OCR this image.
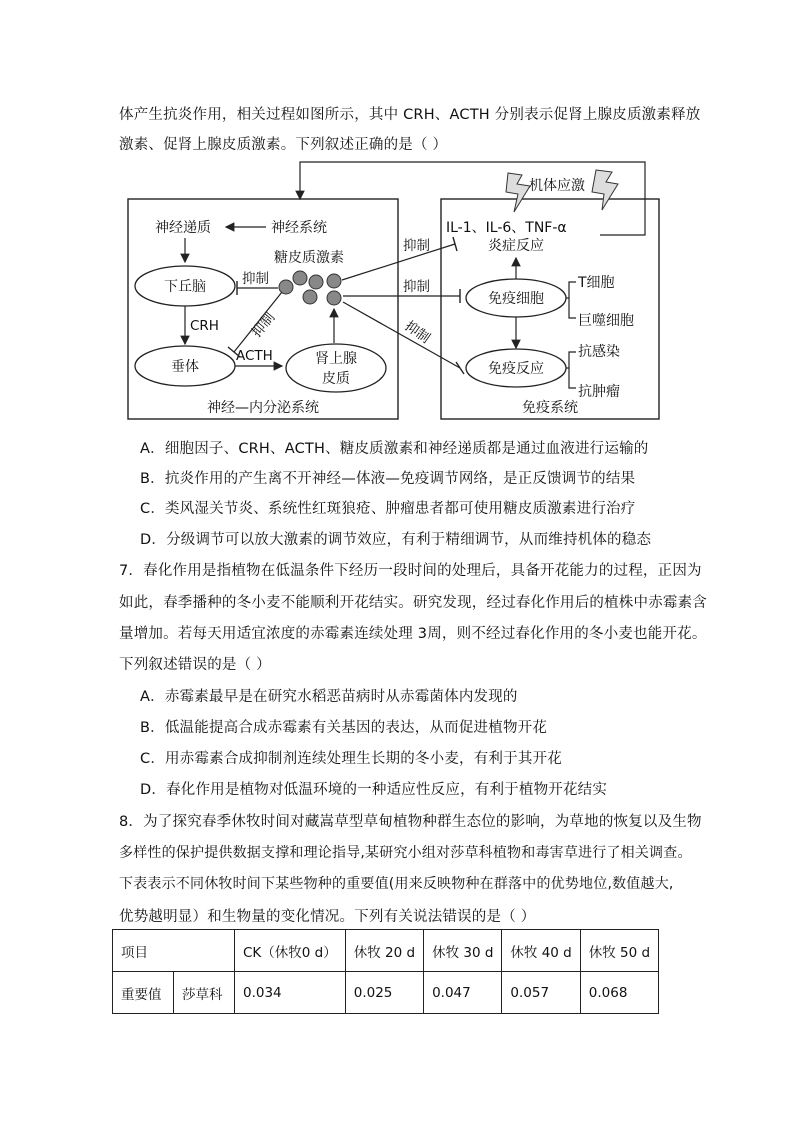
体产生抗炎作用，相关过程如图所示，其中 CRH、ACTH 分别表示促肾上腺皮质激素释放
激素、促肾上腺皮质激素。下列叙述正确的是（ ）
机体应激
神经递质	神经系统
下丘脑
CRH
垂体
ACTH	肾上腺
皮质
糖皮质激素
抑制
抑制
神经—内分泌系统
抑制
抑制
抑制
IL-1、IL-6、TNF-α
炎症反应
免疫细胞
免疫反应
T细胞
巨噬细胞
抗感染
抗肿瘤
免疫系统
A．细胞因子、CRH、ACTH、糖皮质激素和神经递质都是通过血液进行运输的
B．抗炎作用的产生离不开神经—体液—免疫调节网络，是正反馈调节的结果
C．类风湿关节炎、系统性红斑狼疮、肿瘤患者都可使用糖皮质激素进行治疗
D．分级调节可以放大激素的调节效应，有利于精细调节，从而维持机体的稳态
7．春化作用是指植物在低温条件下经历一段时间的处理后，具备开花能力的过程，正因为
如此，春季播种的冬小麦不能顺利开花结实。研究发现，经过春化作用后的植株中赤霉素含
量增加。若每天用适宜浓度的赤霉素连续处理 3周，则不经过春化作用的冬小麦也能开花。
下列叙述错误的是（ ）
A．赤霉素最早是在研究水稻恶苗病时从赤霉菌体内发现的
B．低温能提高合成赤霉素有关基因的表达，从而促进植物开花
C．用赤霉素合成抑制剂连续处理生长期的冬小麦，有利于其开花
D．春化作用是植物对低温环境的一种适应性反应，有利于植物开花结实
8．为了探究春季休牧时间对藏嵩草型草甸植物种群生态位的影响，为草地的恢复以及生物
多样性的保护提供数据支撑和理论指导,某研究小组对莎草科植物和毒害草进行了相关调查。
下表表示不同休牧时间下某些物种的重要值(用来反映物种在群落中的优势地位,数值越大,
优势越明显）和生物量的变化情况。下列有关说法错误的是（ ）
项目		CK（休牧0 d）	休牧 20 d	休牧 30 d	休牧 40 d	休牧 50 d
重要值	莎草科	0.034	0.025	0.047	0.057	0.068
